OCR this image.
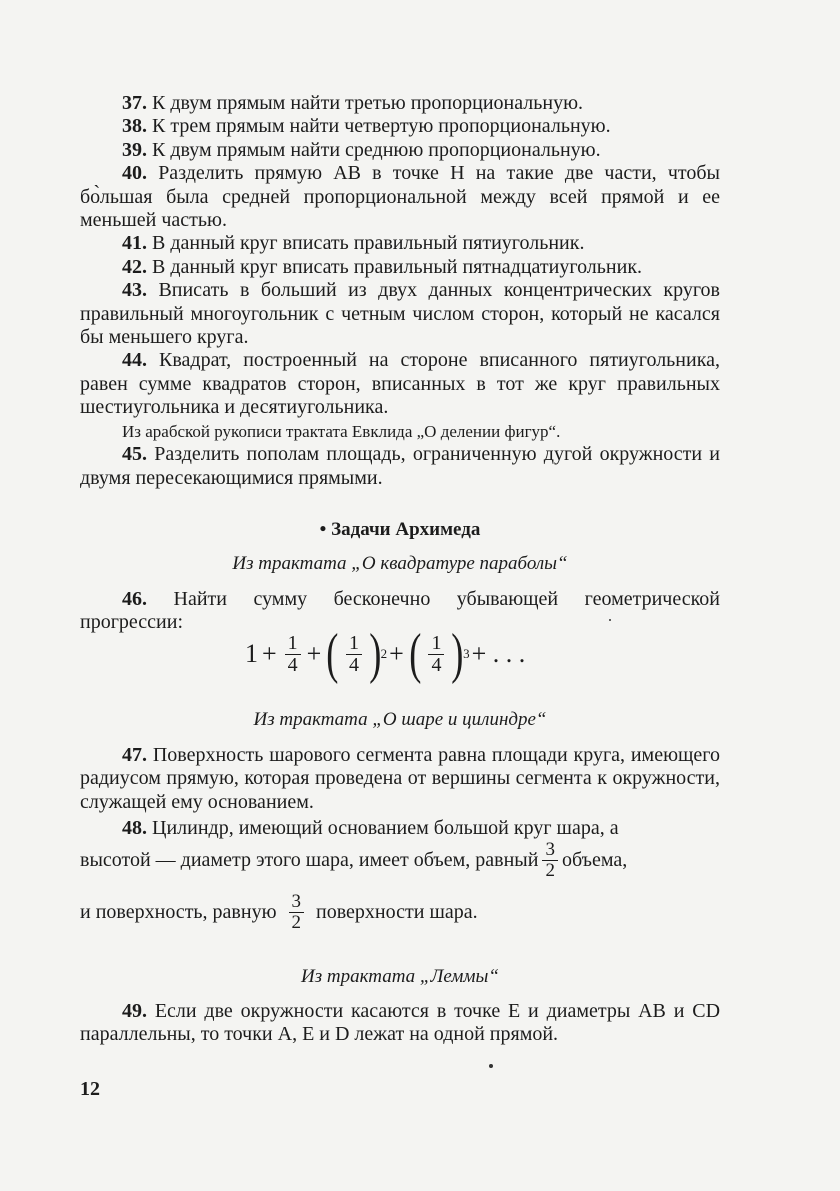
37. К двум прямым найти третью пропорциональную.

38. К трем прямым найти четвертую пропорциональную.

39. К двум прямым найти среднюю пропорциональную.

40. Разделить прямую AB в точке H на такие две части, чтобы бо̀льшая была средней пропорциональной между всей прямой и ее меньшей частью.

41. В данный круг вписать правильный пятиугольник.

42. В данный круг вписать правильный пятнадцатиугольник.

43. Вписать в больший из двух данных концентрических кругов правильный многоугольник с четным числом сторон, который не касался бы меньшего круга.

44. Квадрат, построенный на стороне вписанного пятиугольника, равен сумме квадратов сторон, вписанных в тот же круг правильных шестиугольника и десятиугольника.

Из арабской рукописи трактата Евклида „О делении фигур“.

45. Разделить пополам площадь, ограниченную дугой окружности и двумя пересекающимися прямыми.

• Задачи Архимеда
Из трактата „О квадратуре параболы“

46. Найти сумму бесконечно убывающей геометрической прогрессии:

$1 + \frac{1}{4}$ + ( $\frac{1}{4}$ ) 2 + ( $\frac{1}{4}$ ) 3 + . . .
Из трактата „О шаре и цилиндре“

47. Поверхность шарового сегмента равна площади круга, имеющего радиусом прямую, которая проведена от вершины сегмента к окружности, служащей ему основанием.

48. Цилиндр, имеющий основанием большой круг шара, а

высотой — диаметр этого шара, имеет объем, равный $\frac{3}{2}$ объема,
и поверхность, равную $\frac{3}{2}$ поверхности шара.
Из трактата „Леммы“

49. Если две окружности касаются в точке E и диаметры AB и CD параллельны, то точки A, E и D лежат на одной прямой.

12
